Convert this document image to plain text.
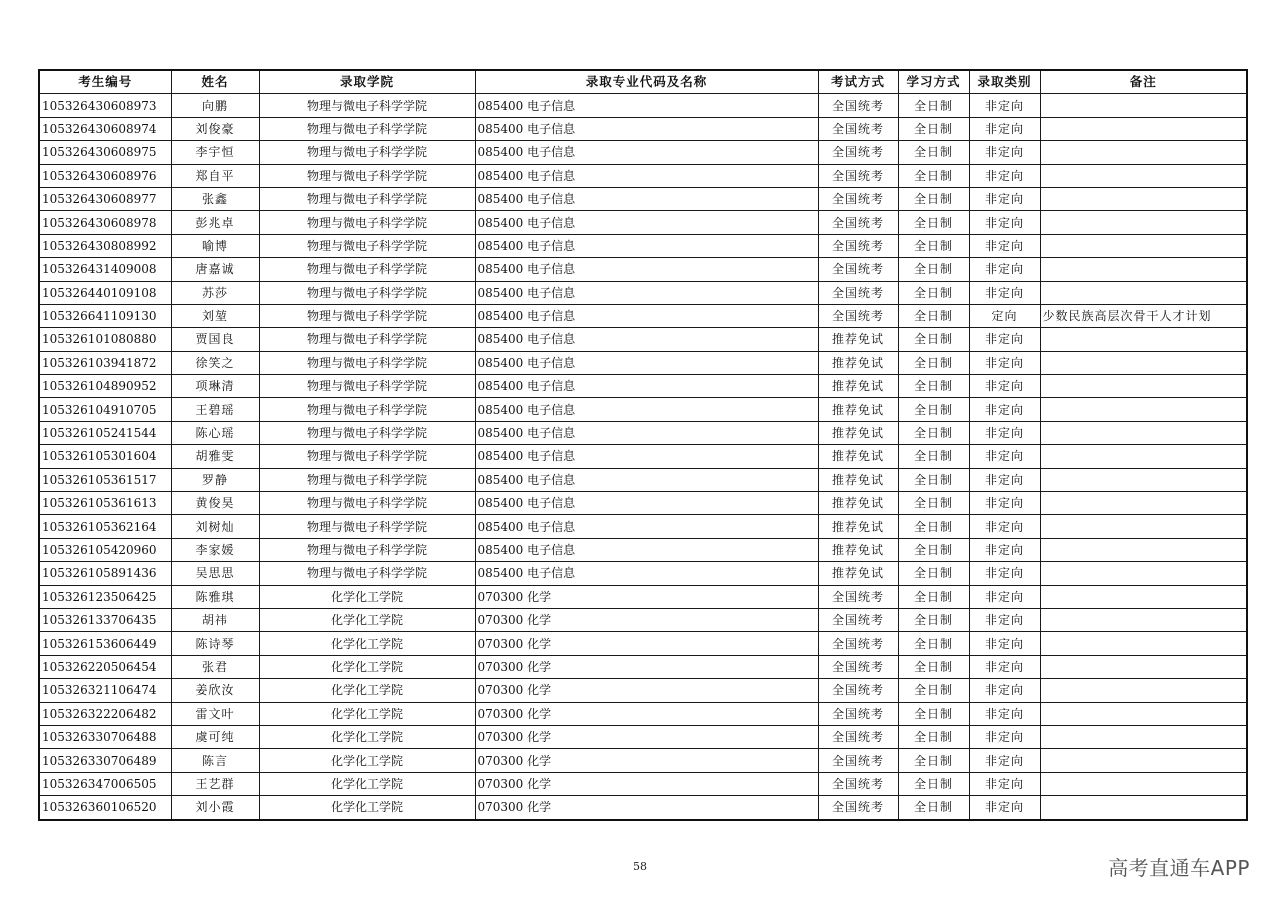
考生编号	姓名	录取学院	录取专业代码及名称	考试方式	学习方式	录取类别	备注
105326430608973	向鹏	物理与微电子科学学院	085400 电子信息	全国统考	全日制	非定向	
105326430608974	刘俊豪	物理与微电子科学学院	085400 电子信息	全国统考	全日制	非定向	
105326430608975	李宇恒	物理与微电子科学学院	085400 电子信息	全国统考	全日制	非定向	
105326430608976	郑自平	物理与微电子科学学院	085400 电子信息	全国统考	全日制	非定向	
105326430608977	张鑫	物理与微电子科学学院	085400 电子信息	全国统考	全日制	非定向	
105326430608978	彭兆卓	物理与微电子科学学院	085400 电子信息	全国统考	全日制	非定向	
105326430808992	喻博	物理与微电子科学学院	085400 电子信息	全国统考	全日制	非定向	
105326431409008	唐嘉诚	物理与微电子科学学院	085400 电子信息	全国统考	全日制	非定向	
105326440109108	苏莎	物理与微电子科学学院	085400 电子信息	全国统考	全日制	非定向	
105326641109130	刘堃	物理与微电子科学学院	085400 电子信息	全国统考	全日制	定向	少数民族高层次骨干人才计划
105326101080880	贾国良	物理与微电子科学学院	085400 电子信息	推荐免试	全日制	非定向	
105326103941872	徐笑之	物理与微电子科学学院	085400 电子信息	推荐免试	全日制	非定向	
105326104890952	项琳清	物理与微电子科学学院	085400 电子信息	推荐免试	全日制	非定向	
105326104910705	王碧瑶	物理与微电子科学学院	085400 电子信息	推荐免试	全日制	非定向	
105326105241544	陈心瑶	物理与微电子科学学院	085400 电子信息	推荐免试	全日制	非定向	
105326105301604	胡雅雯	物理与微电子科学学院	085400 电子信息	推荐免试	全日制	非定向	
105326105361517	罗静	物理与微电子科学学院	085400 电子信息	推荐免试	全日制	非定向	
105326105361613	黄俊昊	物理与微电子科学学院	085400 电子信息	推荐免试	全日制	非定向	
105326105362164	刘树灿	物理与微电子科学学院	085400 电子信息	推荐免试	全日制	非定向	
105326105420960	李家媛	物理与微电子科学学院	085400 电子信息	推荐免试	全日制	非定向	
105326105891436	吴思思	物理与微电子科学学院	085400 电子信息	推荐免试	全日制	非定向	
105326123506425	陈雅琪	化学化工学院	070300 化学	全国统考	全日制	非定向	
105326133706435	胡祎	化学化工学院	070300 化学	全国统考	全日制	非定向	
105326153606449	陈诗琴	化学化工学院	070300 化学	全国统考	全日制	非定向	
105326220506454	张君	化学化工学院	070300 化学	全国统考	全日制	非定向	
105326321106474	姜欣汝	化学化工学院	070300 化学	全国统考	全日制	非定向	
105326322206482	雷文叶	化学化工学院	070300 化学	全国统考	全日制	非定向	
105326330706488	虞可纯	化学化工学院	070300 化学	全国统考	全日制	非定向	
105326330706489	陈言	化学化工学院	070300 化学	全国统考	全日制	非定向	
105326347006505	王艺群	化学化工学院	070300 化学	全国统考	全日制	非定向	
105326360106520	刘小霞	化学化工学院	070300 化学	全国统考	全日制	非定向	
58	高考直通车APP
